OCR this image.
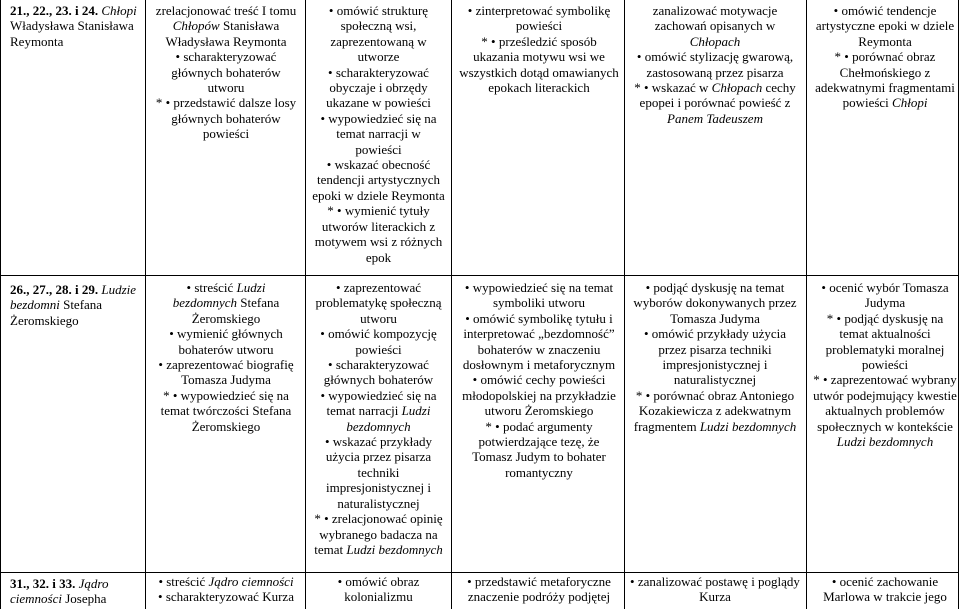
21., 22., 23. i 24. Chłopi Władysława Stanisława Reymonta
zrelacjonować treść I tomu Chłopów Stanisława Władysława Reymonta
• scharakteryzować głównych bohaterów utworu
* • przedstawić dalsze losy głównych bohaterów powieści
• omówić strukturę społeczną wsi, zaprezentowaną w utworze
• scharakteryzować obyczaje i obrzędy ukazane w powieści
• wypowiedzieć się na temat narracji w powieści
• wskazać obecność tendencji artystycznych epoki w dziele Reymonta
* • wymienić tytuły utworów literackich z motywem wsi z różnych epok
• zinterpretować symbolikę powieści
* • prześledzić sposób ukazania motywu wsi we wszystkich dotąd omawianych epokach literackich
zanalizować motywacje zachowań opisanych w Chłopach
• omówić stylizację gwarową, zastosowaną przez pisarza
* • wskazać w Chłopach cechy epopei i porównać powieść z Panem Tadeuszem
• omówić tendencje artystyczne epoki w dziele Reymonta
* • porównać obraz Chełmońskiego z adekwatnymi fragmentami powieści Chłopi
26., 27., 28. i 29. Ludzie bezdomni Stefana Żeromskiego
• streścić Ludzi bezdomnych Stefana Żeromskiego
• wymienić głównych bohaterów utworu
• zaprezentować biografię Tomasza Judyma
* • wypowiedzieć się na temat twórczości Stefana Żeromskiego
• zaprezentować problematykę społeczną utworu
• omówić kompozycję powieści
• scharakteryzować głównych bohaterów
• wypowiedzieć się na temat narracji Ludzi bezdomnych
• wskazać przykłady użycia przez pisarza techniki impresjonistycznej i naturalistycznej
* • zrelacjonować opinię wybranego badacza na temat Ludzi bezdomnych
• wypowiedzieć się na temat symboliki utworu
• omówić symbolikę tytułu i interpretować „bezdomność” bohaterów w znaczeniu dosłownym i metaforycznym
• omówić cechy powieści młodopolskiej na przykładzie utworu Żeromskiego
* • podać argumenty potwierdzające tezę, że Tomasz Judym to bohater romantyczny
• podjąć dyskusję na temat wyborów dokonywanych przez Tomasza Judyma
• omówić przykłady użycia przez pisarza techniki impresjonistycznej i naturalistycznej
* • porównać obraz Antoniego Kozakiewicza z adekwatnym fragmentem Ludzi bezdomnych
• ocenić wybór Tomasza Judyma
* • podjąć dyskusję na temat aktualności problematyki moralnej powieści
* • zaprezentować wybrany utwór podejmujący kwestie aktualnych problemów społecznych w kontekście Ludzi bezdomnych
31., 32. i 33. Jądro ciemności Josepha
• streścić Jądro ciemności
• scharakteryzować Kurza
• omówić obraz kolonializmu
• przedstawić metaforyczne znaczenie podróży podjętej
• zanalizować postawę i poglądy Kurza
• ocenić zachowanie Marlowa w trakcie jego
